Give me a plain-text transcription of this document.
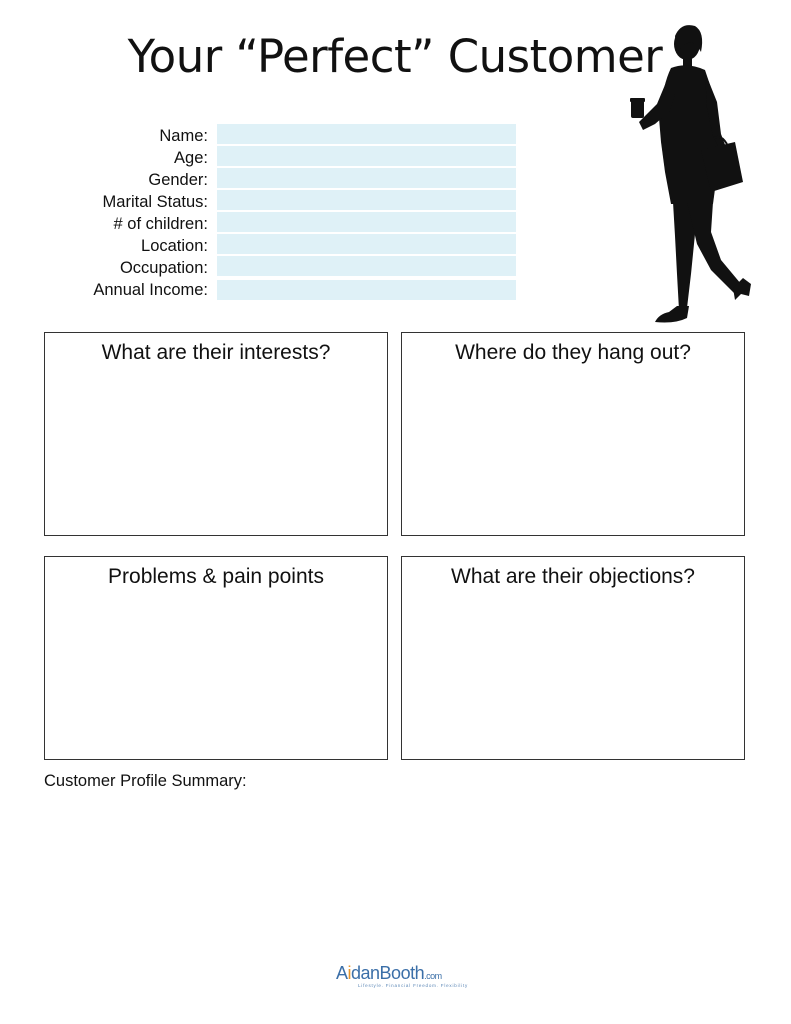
Your “Perfect” Customer
Name:
Age:
Gender:
Marital Status:
# of children:
Location:
Occupation:
Annual Income:
What are their interests?	Where do they hang out?
Problems & pain points	What are their objections?
Customer Profile Summary:
AidanBooth.com
Lifestyle. Financial Freedom. Flexibility
